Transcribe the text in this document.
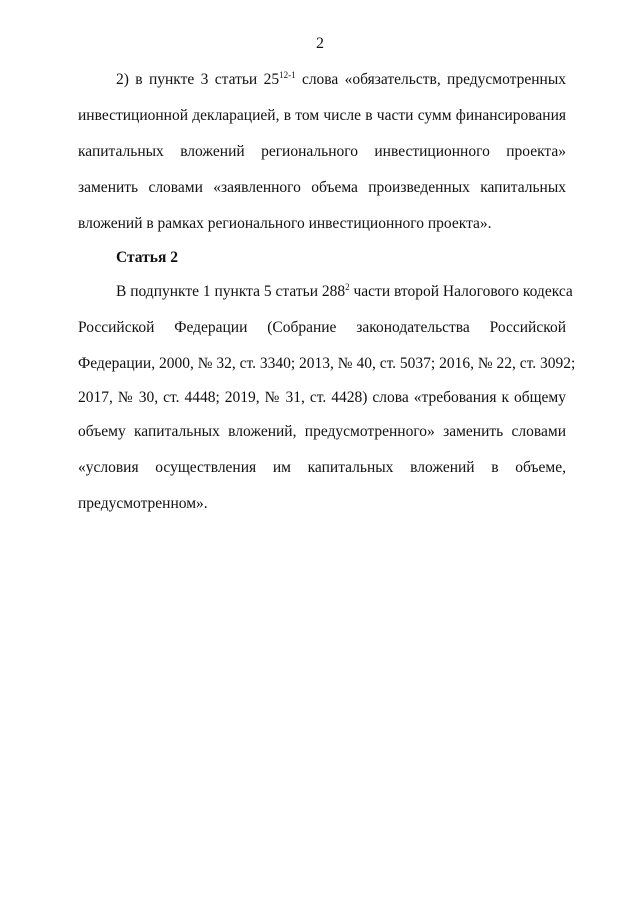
2
2) в пункте 3 статьи 25$^{12-1}$ слова «обязательств, предусмотренных
инвестиционной декларацией, в том числе в части сумм финансирования
капитальных вложений регионального инвестиционного проекта»
заменить словами «заявленного объема произведенных капитальных
вложений в рамках регионального инвестиционного проекта».
Статья 2
В подпункте 1 пункта 5 статьи $288^2$ части второй Налогового кодекса
Российской Федерации (Собрание законодательства Российской
Федерации, 2000, № 32, ст. 3340; 2013, № 40, ст. 5037; 2016, № 22, ст. 3092;
2017, № 30, ст. 4448; 2019, № 31, ст. 4428) слова «требования к общему
объему капитальных вложений, предусмотренного» заменить словами
«условия осуществления им капитальных вложений в объеме,
предусмотренном».
